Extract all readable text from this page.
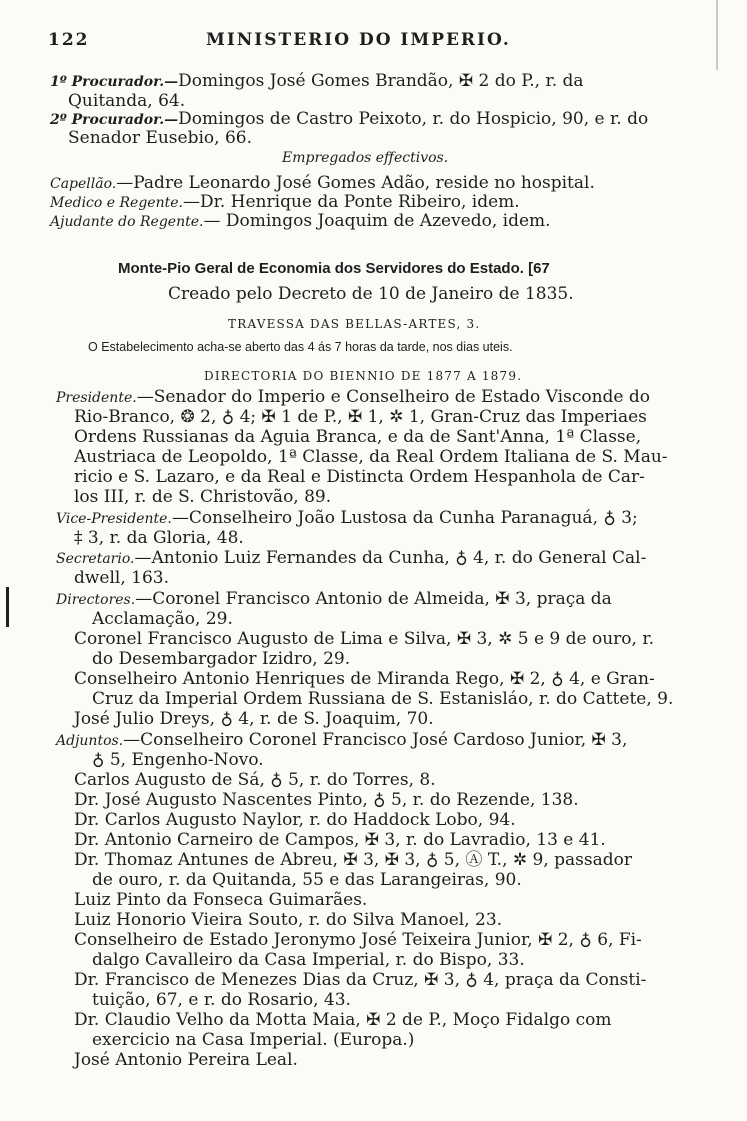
122	MINISTERIO DO IMPERIO.
1º Procurador.—Domingos José Gomes Brandão, ✠ 2 do P., r. da
Quitanda, 64.
2º Procurador.—Domingos de Castro Peixoto, r. do Hospicio, 90, e r. do
Senador Eusebio, 66.
Empregados effectivos.
Capellão.—Padre Leonardo José Gomes Adão, reside no hospital.
Medico e Regente.—Dr. Henrique da Ponte Ribeiro, idem.
Ajudante do Regente.— Domingos Joaquim de Azevedo, idem.
Monte-Pio Geral de Economia dos Servidores do Estado. [67
Creado pelo Decreto de 10 de Janeiro de 1835.
TRAVESSA DAS BELLAS-ARTES, 3.
O Estabelecimento acha-se aberto das 4 ás 7 horas da tarde, nos dias uteis.
DIRECTORIA DO BIENNIO DE 1877 A 1879.
Presidente.—Senador do Imperio e Conselheiro de Estado Visconde do
Rio-Branco, ❂ 2, ♁ 4; ✠ 1 de P., ✠ 1, ✲ 1, Gran-Cruz das Imperiaes
Ordens Russianas da Aguia Branca, e da de Sant'Anna, 1ª Classe,
Austriaca de Leopoldo, 1ª Classe, da Real Ordem Italiana de S. Mau-
ricio e S. Lazaro, e da Real e Distincta Ordem Hespanhola de Car-
los III, r. de S. Christovão, 89.
Vice-Presidente.—Conselheiro João Lustosa da Cunha Paranaguá, ♁ 3;
‡ 3, r. da Gloria, 48.
Secretario.—Antonio Luiz Fernandes da Cunha, ♁ 4, r. do General Cal-
dwell, 163.
Directores.—Coronel Francisco Antonio de Almeida, ✠ 3, praça da
Acclamação, 29.
Coronel Francisco Augusto de Lima e Silva, ✠ 3, ✲ 5 e 9 de ouro, r.
do Desembargador Izidro, 29.
Conselheiro Antonio Henriques de Miranda Rego, ✠ 2, ♁ 4, e Gran-
Cruz da Imperial Ordem Russiana de S. Estanisláo, r. do Cattete, 9.
José Julio Dreys, ♁ 4, r. de S. Joaquim, 70.
Adjuntos.—Conselheiro Coronel Francisco José Cardoso Junior, ✠ 3,
♁ 5, Engenho-Novo.
Carlos Augusto de Sá, ♁ 5, r. do Torres, 8.
Dr. José Augusto Nascentes Pinto, ♁ 5, r. do Rezende, 138.
Dr. Carlos Augusto Naylor, r. do Haddock Lobo, 94.
Dr. Antonio Carneiro de Campos, ✠ 3, r. do Lavradio, 13 e 41.
Dr. Thomaz Antunes de Abreu, ✠ 3, ✠ 3, ♁ 5, Ⓐ T., ✲ 9, passador
de ouro, r. da Quitanda, 55 e das Larangeiras, 90.
Luiz Pinto da Fonseca Guimarães.
Luiz Honorio Vieira Souto, r. do Silva Manoel, 23.
Conselheiro de Estado Jeronymo José Teixeira Junior, ✠ 2, ♁ 6, Fi-
dalgo Cavalleiro da Casa Imperial, r. do Bispo, 33.
Dr. Francisco de Menezes Dias da Cruz, ✠ 3, ♁ 4, praça da Consti-
tuição, 67, e r. do Rosario, 43.
Dr. Claudio Velho da Motta Maia, ✠ 2 de P., Moço Fidalgo com
exercicio na Casa Imperial. (Europa.)
José Antonio Pereira Leal.
